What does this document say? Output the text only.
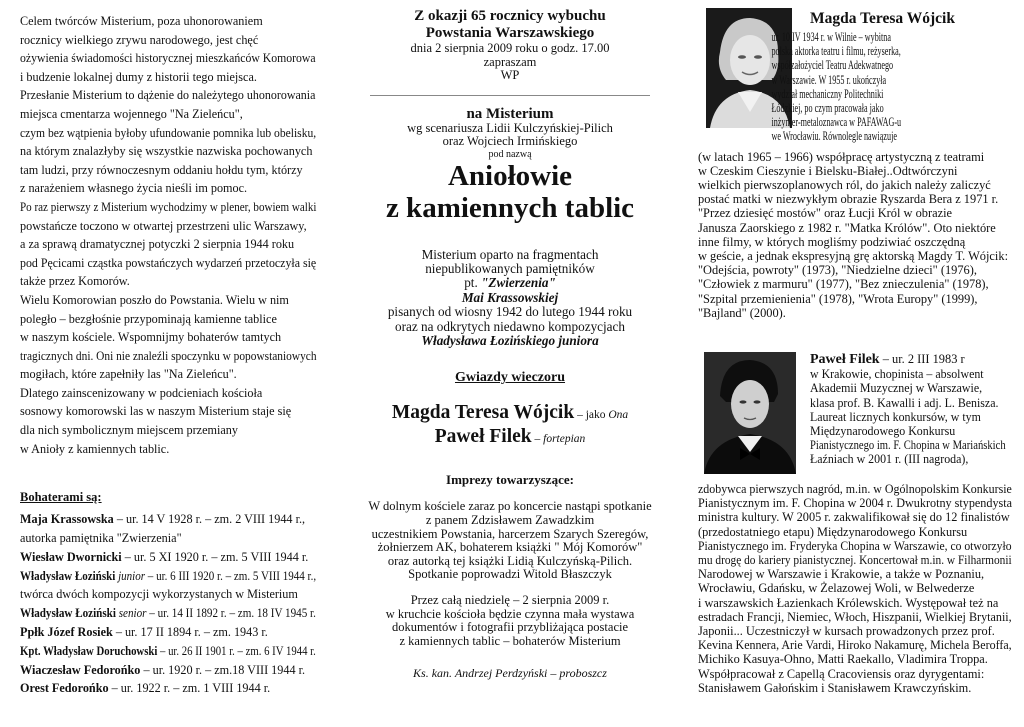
Celem twórców Misterium, poza uhonorowaniem
rocznicy wielkiego zrywu narodowego, jest chęć
ożywienia świadomości historycznej mieszkańców Komorowa
i budzenie lokalnej dumy z historii tego miejsca.
Przesłanie Misterium to dążenie do należytego uhonorowania
miejsca cmentarza wojennego "Na Zieleńcu",
czym bez wątpienia byłoby ufundowanie pomnika lub obelisku,
na którym znalazłyby się wszystkie nazwiska pochowanych
tam ludzi, przy równoczesnym oddaniu hołdu tym, którzy
z narażeniem własnego życia nieśli im pomoc.
Po raz pierwszy z Misterium wychodzimy w plener, bowiem walki
powstańcze toczono w otwartej przestrzeni ulic Warszawy,
a za sprawą dramatycznej potyczki 2 sierpnia 1944 roku
pod Pęcicami cząstka powstańczych wydarzeń przetoczyła się
także przez Komorów.
Wielu Komorowian poszło do Powstania. Wielu w nim
poległo – bezgłośnie przypominają kamienne tablice
w naszym kościele. Wspomnijmy bohaterów tamtych
tragicznych dni. Oni nie znaleźli spoczynku w popowstaniowych
mogiłach, które zapełniły las "Na Zieleńcu".
Dlatego zainscenizowany w podcieniach kościoła
sosnowy komorowski las w naszym Misterium staje się
dla nich symbolicznym miejscem przemiany
w Anioły z kamiennych tablic.
Bohaterami są:
Maja Krassowska – ur. 14 V 1928 r. – zm. 2 VIII 1944 r.,
autorka pamiętnika "Zwierzenia"
Wiesław Dwornicki – ur. 5 XI 1920 r. – zm. 5 VIII 1944 r.
Władysław Łoziński junior – ur. 6 III 1920 r. – zm. 5 VIII 1944 r.,
twórca dwóch kompozycji wykorzystanych w Misterium
Władysław Łoziński senior – ur. 14 II 1892 r. – zm. 18 IV 1945 r.
Ppłk Józef Rosiek – ur. 17 II 1894 r. – zm. 1943 r.
Kpt. Władysław Doruchowski – ur. 26 II 1901 r. – zm. 6 IV 1944 r.
Wiaczesław Fedorońko – ur. 1920 r. – zm.18 VIII 1944 r.
Orest Fedorońko – ur. 1922 r. – zm. 1 VIII 1944 r.
Z okazji 65 rocznicy wybuchu
Powstania Warszawskiego
dnia 2 sierpnia 2009 roku o godz. 17.00
zapraszam
WP
na Misterium
wg scenariusza Lidii Kulczyńskiej-Pilich
oraz Wojciech Irmińskiego
pod nazwą
Aniołowie
z kamiennych tablic
Misterium oparto na fragmentach
niepublikowanych pamiętników
pt. "Zwierzenia"
Mai Krassowskiej
pisanych od wiosny 1942 do lutego 1944 roku
oraz na odkrytych niedawno kompozycjach
Władysława Łozińskiego juniora
Gwiazdy wieczoru
Magda Teresa Wójcik – jako Ona
Paweł Filek – fortepian
Imprezy towarzyszące:
W dolnym kościele zaraz po koncercie nastąpi spotkanie
z panem Zdzisławem Zawadzkim
uczestnikiem Powstania, harcerzem Szarych Szeregów,
żołnierzem AK, bohaterem książki " Mój Komorów"
oraz autorką tej książki Lidią Kulczyńską-Pilich.
Spotkanie poprowadzi Witold Błaszczyk
Przez całą niedzielę – 2 sierpnia 2009 r.
w kruchcie kościoła będzie czynna mała wystawa
dokumentów i fotografii przybliżająca postacie
z kamiennych tablic – bohaterów Misterium
Ks. kan. Andrzej Perdzyński – proboszcz
Magda Teresa Wójcik
ur. 10 IV 1934 r. w Wilnie – wybitna
polska aktorka teatru i filmu, reżyserka,
współzałożyciel Teatru Adekwatnego
w Warszawie. W 1955 r. ukończyła
wydział mechaniczny Politechniki
Łódzkiej, po czym pracowała jako
inżynier-metaloznawca w PAFAWAG-u
we Wrocławiu. Równolegle nawiązuje
(w latach 1965 – 1966) współpracę artystyczną z teatrami
w Czeskim Cieszynie i Bielsku-Białej..Odtwórczyni
wielkich pierwszoplanowych ról, do jakich należy zaliczyć
postać matki w niezwykłym obrazie Ryszarda Bera z 1971 r.
"Przez dziesięć mostów" oraz Łucji Król w obrazie
Janusza Zaorskiego z 1982 r. "Matka Królów". Oto niektóre
inne filmy, w których mogliśmy podziwiać oszczędną
w geście, a jednak ekspresyjną grę aktorską Magdy T. Wójcik:
"Odejścia, powroty" (1973), "Niedzielne dzieci" (1976),
"Człowiek z marmuru" (1977), "Bez znieczulenia" (1978),
"Szpital przemienienia" (1978), "Wrota Europy" (1999),
"Bajland" (2000).
Paweł Filek – ur. 2 III 1983 r
w Krakowie, chopinista – absolwent
Akademii Muzycznej w Warszawie,
klasa prof. B. Kawalli i adj. L. Benisza.
Laureat licznych konkursów, w tym
Międzynarodowego Konkursu
Pianistycznego im. F. Chopina w Mariańskich
Łaźniach w 2001 r. (III nagroda),
zdobywca pierwszych nagród, m.in. w Ogólnopolskim Konkursie
Pianistycznym im. F. Chopina w 2004 r. Dwukrotny stypendysta
ministra kultury. W 2005 r. zakwalifikował się do 12 finalistów
(przedostatniego etapu) Międzynarodowego Konkursu
Pianistycznego im. Fryderyka Chopina w Warszawie, co otworzyło
mu drogę do kariery pianistycznej. Koncertował m.in. w Filharmonii
Narodowej w Warszawie i Krakowie, a także w Poznaniu,
Wrocławiu, Gdańsku, w Żelazowej Woli, w Belwederze
i warszawskich Łazienkach Królewskich. Występował też na
estradach Francji, Niemiec, Włoch, Hiszpanii, Wielkiej Brytanii,
Japonii... Uczestniczył w kursach prowadzonych przez prof.
Kevina Kennera, Arie Vardi, Hiroko Nakamurę, Michela Beroffa,
Michiko Kasuya-Ohno, Matti Raekallo, Vladimira Troppa.
Współpracował z Capellą Cracoviensis oraz dyrygentami:
Stanisławem Gałońskim i Stanisławem Krawczyńskim.
